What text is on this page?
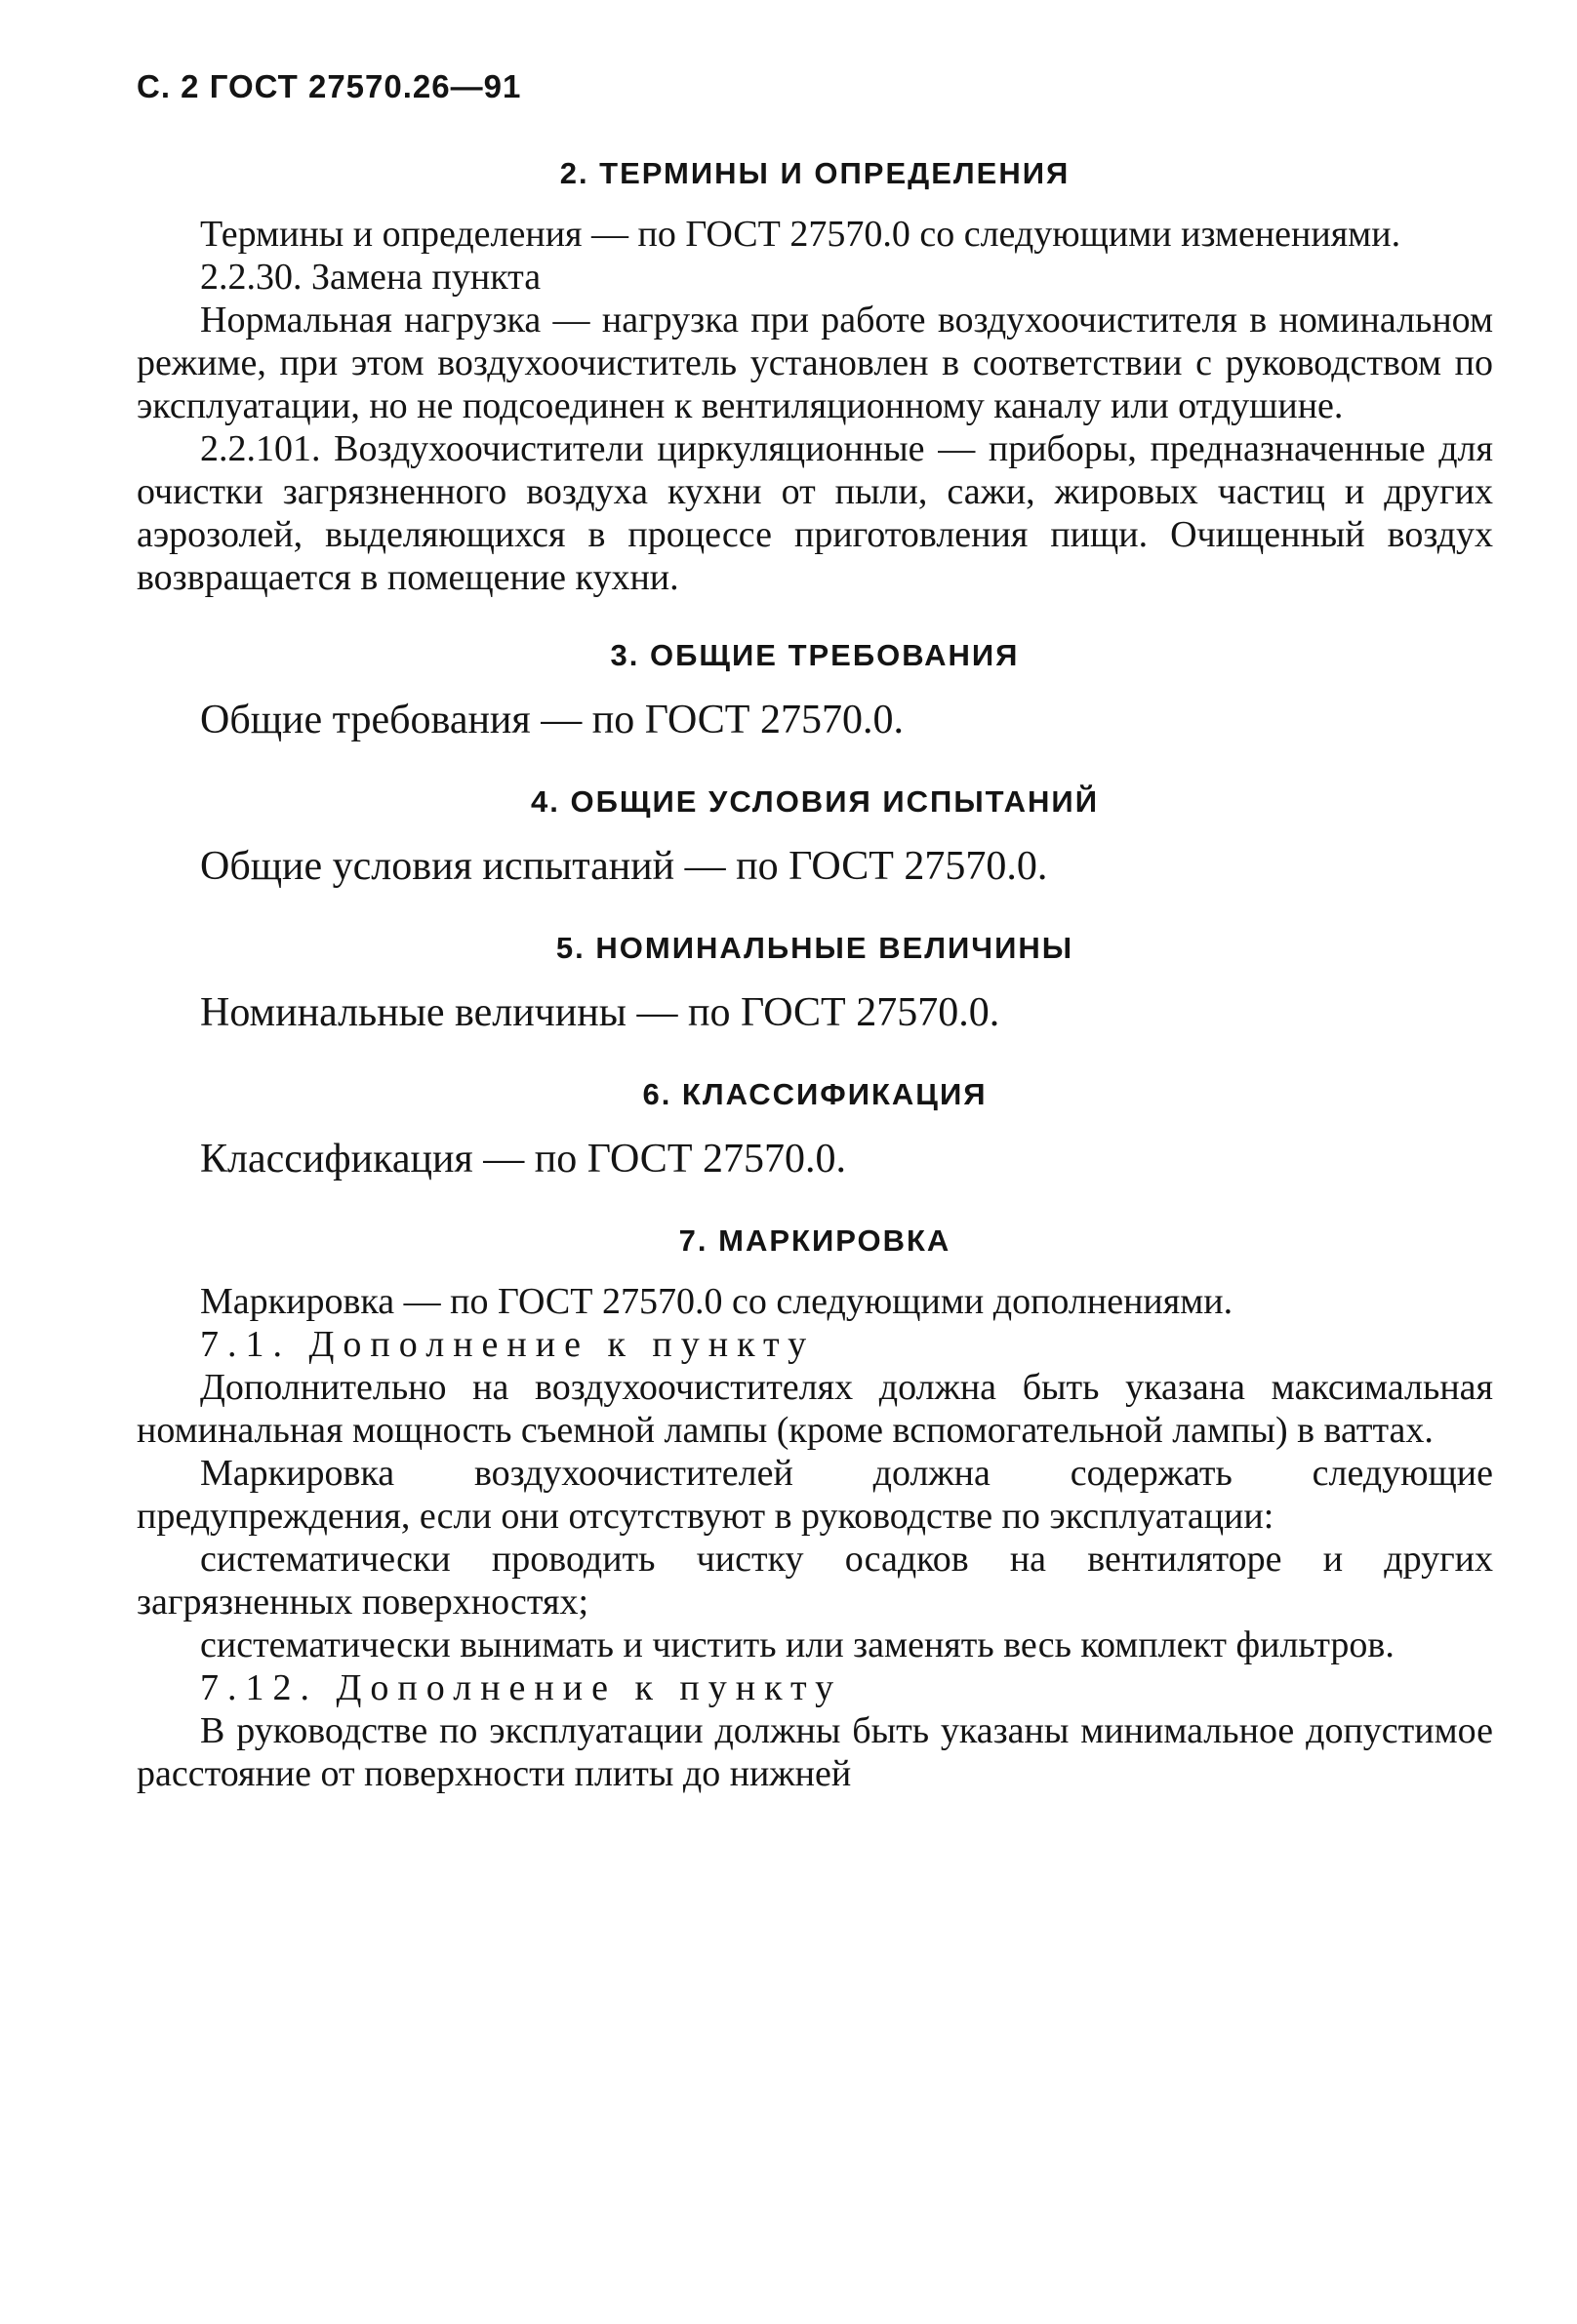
С. 2 ГОСТ 27570.26—91
2. ТЕРМИНЫ И ОПРЕДЕЛЕНИЯ

Термины и определения — по ГОСТ 27570.0 со следующими изменениями.

2.2.30. Замена пункта

Нормальная нагрузка — нагрузка при работе воздухоочистителя в номинальном режиме, при этом воздухоочиститель установлен в соответствии с руководством по эксплуатации, но не подсоединен к вентиляционному каналу или отдушине.

2.2.101. Воздухоочистители циркуляционные — приборы, предназначенные для очистки загрязненного воздуха кухни от пыли, сажи, жировых частиц и других аэрозолей, выделяющихся в процессе приготовления пищи. Очищенный воздух возвращается в помещение кухни.

3. ОБЩИЕ ТРЕБОВАНИЯ

Общие требования — по ГОСТ 27570.0.

4. ОБЩИЕ УСЛОВИЯ ИСПЫТАНИЙ

Общие условия испытаний — по ГОСТ 27570.0.

5. НОМИНАЛЬНЫЕ ВЕЛИЧИНЫ

Номинальные величины — по ГОСТ 27570.0.

6. КЛАССИФИКАЦИЯ

Классификация — по ГОСТ 27570.0.

7. МАРКИРОВКА

Маркировка — по ГОСТ 27570.0 со следующими дополнениями.

7.1. Дополнение к пункту

Дополнительно на воздухоочистителях должна быть указана максимальная номинальная мощность съемной лампы (кроме вспомогательной лампы) в ваттах.

Маркировка воздухоочистителей должна содержать следующие предупреждения, если они отсутствуют в руководстве по эксплуатации:

систематически проводить чистку осадков на вентиляторе и других загрязненных поверхностях;

систематически вынимать и чистить или заменять весь комплект фильтров.

7.12. Дополнение к пункту

В руководстве по эксплуатации должны быть указаны минимальное допустимое расстояние от поверхности плиты до нижней
